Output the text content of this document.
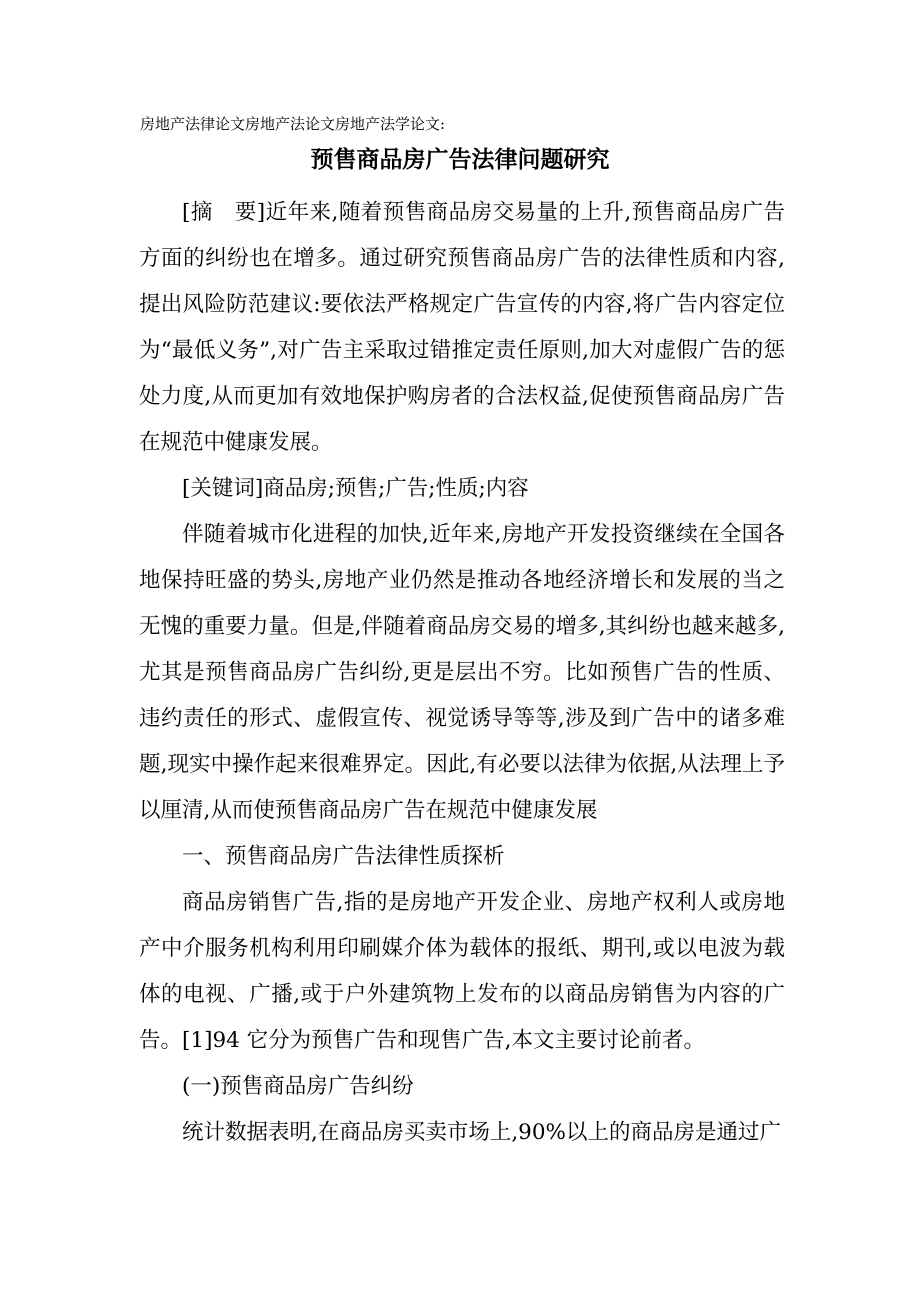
房地产法律论文房地产法论文房地产法学论文:
预售商品房广告法律问题研究

[摘　要]近年来,随着预售商品房交易量的上升,预售商品房广告方面的纠纷也在增多。通过研究预售商品房广告的法律性质和内容,提出风险防范建议:要依法严格规定广告宣传的内容,将广告内容定位为“最低义务”,对广告主采取过错推定责任原则,加大对虚假广告的惩处力度,从而更加有效地保护购房者的合法权益,促使预售商品房广告在规范中健康发展。

[关键词]商品房;预售;广告;性质;内容

伴随着城市化进程的加快,近年来,房地产开发投资继续在全国各地保持旺盛的势头,房地产业仍然是推动各地经济增长和发展的当之无愧的重要力量。但是,伴随着商品房交易的增多,其纠纷也越来越多,尤其是预售商品房广告纠纷,更是层出不穷。比如预售广告的性质、违约责任的形式、虚假宣传、视觉诱导等等,涉及到广告中的诸多难题,现实中操作起来很难界定。因此,有必要以法律为依据,从法理上予以厘清,从而使预售商品房广告在规范中健康发展

一、预售商品房广告法律性质探析

商品房销售广告,指的是房地产开发企业、房地产权利人或房地产中介服务机构利用印刷媒介体为载体的报纸、期刊,或以电波为载体的电视、广播,或于户外建筑物上发布的以商品房销售为内容的广告。[1]94 它分为预售广告和现售广告,本文主要讨论前者。

(一)预售商品房广告纠纷

统计数据表明,在商品房买卖市场上,90%以上的商品房是通过广
